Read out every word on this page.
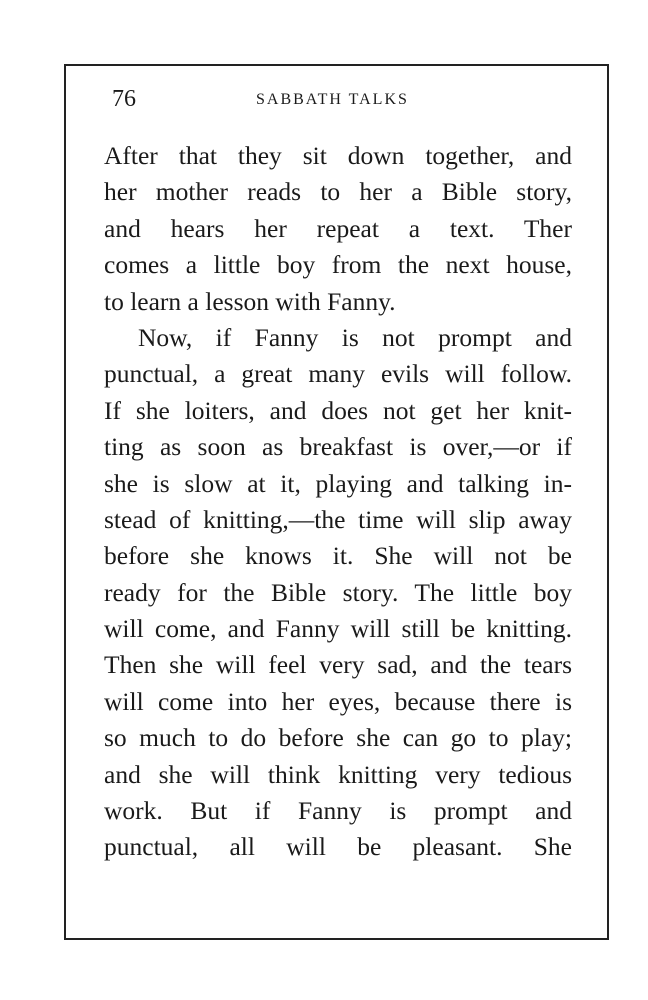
76	SABBATH TALKS
After that they sit down together, and
her mother reads to her a Bible story,
and hears her repeat a text. Ther
comes a little boy from the next house,
to learn a lesson with Fanny.
Now, if Fanny is not prompt and
punctual, a great many evils will follow.
If she loiters, and does not get her knit-
ting as soon as breakfast is over,—or if
she is slow at it, playing and talking in-
stead of knitting,—the time will slip away
before she knows it. She will not be
ready for the Bible story. The little boy
will come, and Fanny will still be knitting.
Then she will feel very sad, and the tears
will come into her eyes, because there is
so much to do before she can go to play;
and she will think knitting very tedious
work. But if Fanny is prompt and
punctual, all will be pleasant. She
